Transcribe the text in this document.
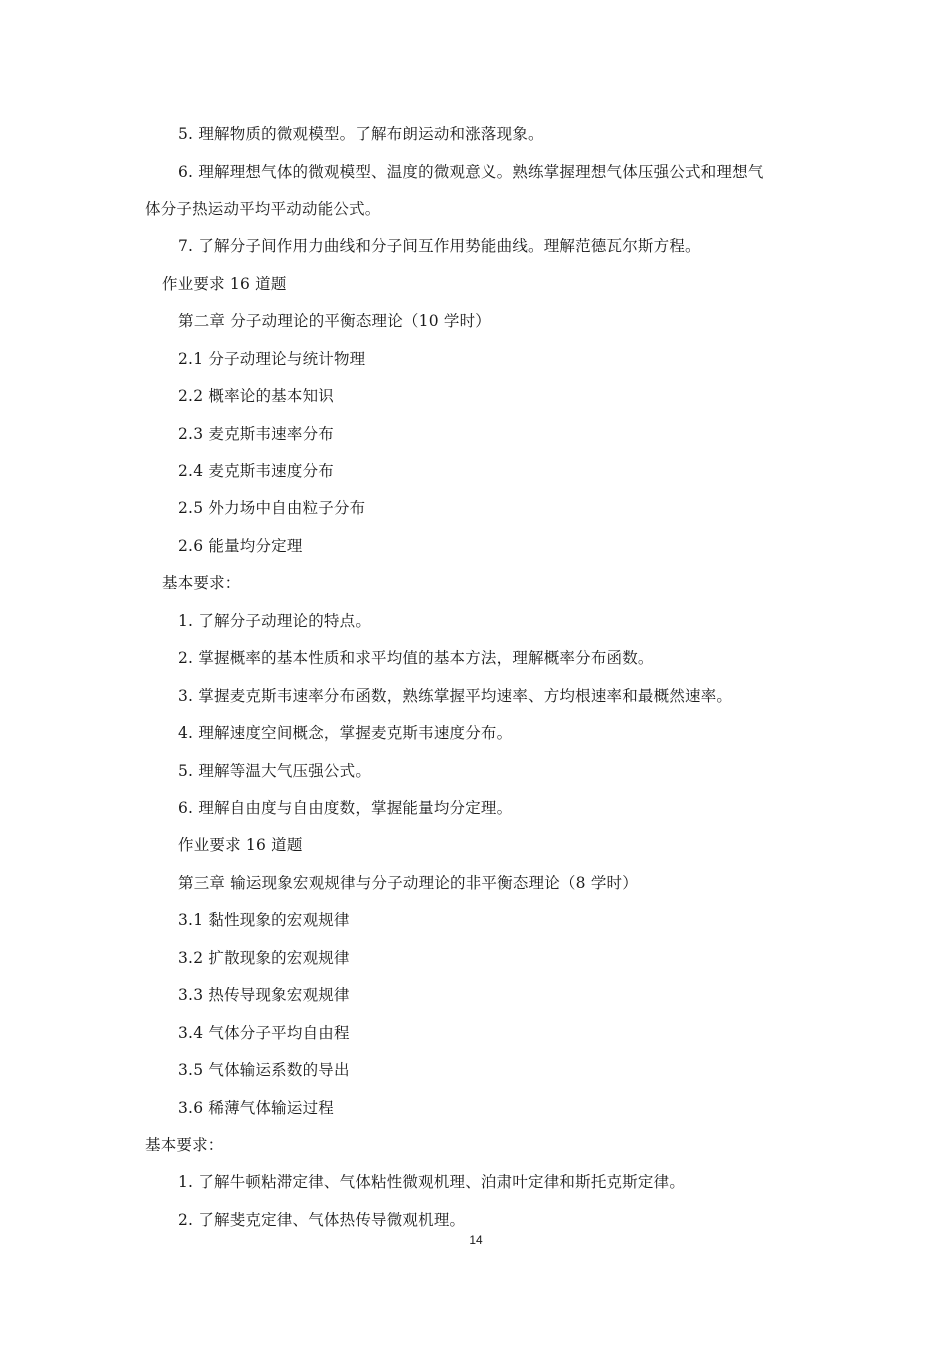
5. 理解物质的微观模型。了解布朗运动和涨落现象。
6. 理解理想气体的微观模型、温度的微观意义。熟练掌握理想气体压强公式和理想气
体分子热运动平均平动动能公式。
7. 了解分子间作用力曲线和分子间互作用势能曲线。理解范德瓦尔斯方程。
作业要求 16 道题
第二章 分子动理论的平衡态理论（10 学时）
2.1 分子动理论与统计物理
2.2 概率论的基本知识
2.3 麦克斯韦速率分布
2.4 麦克斯韦速度分布
2.5 外力场中自由粒子分布
2.6 能量均分定理
基本要求：
1. 了解分子动理论的特点。
2. 掌握概率的基本性质和求平均值的基本方法，理解概率分布函数。
3. 掌握麦克斯韦速率分布函数，熟练掌握平均速率、方均根速率和最概然速率。
4. 理解速度空间概念，掌握麦克斯韦速度分布。
5. 理解等温大气压强公式。
6. 理解自由度与自由度数，掌握能量均分定理。
作业要求 16 道题
第三章 输运现象宏观规律与分子动理论的非平衡态理论（8 学时）
3.1 黏性现象的宏观规律
3.2 扩散现象的宏观规律
3.3 热传导现象宏观规律
3.4 气体分子平均自由程
3.5 气体输运系数的导出
3.6 稀薄气体输运过程
基本要求：
1. 了解牛顿粘滞定律、气体粘性微观机理、泊肃叶定律和斯托克斯定律。
2. 了解斐克定律、气体热传导微观机理。
14
